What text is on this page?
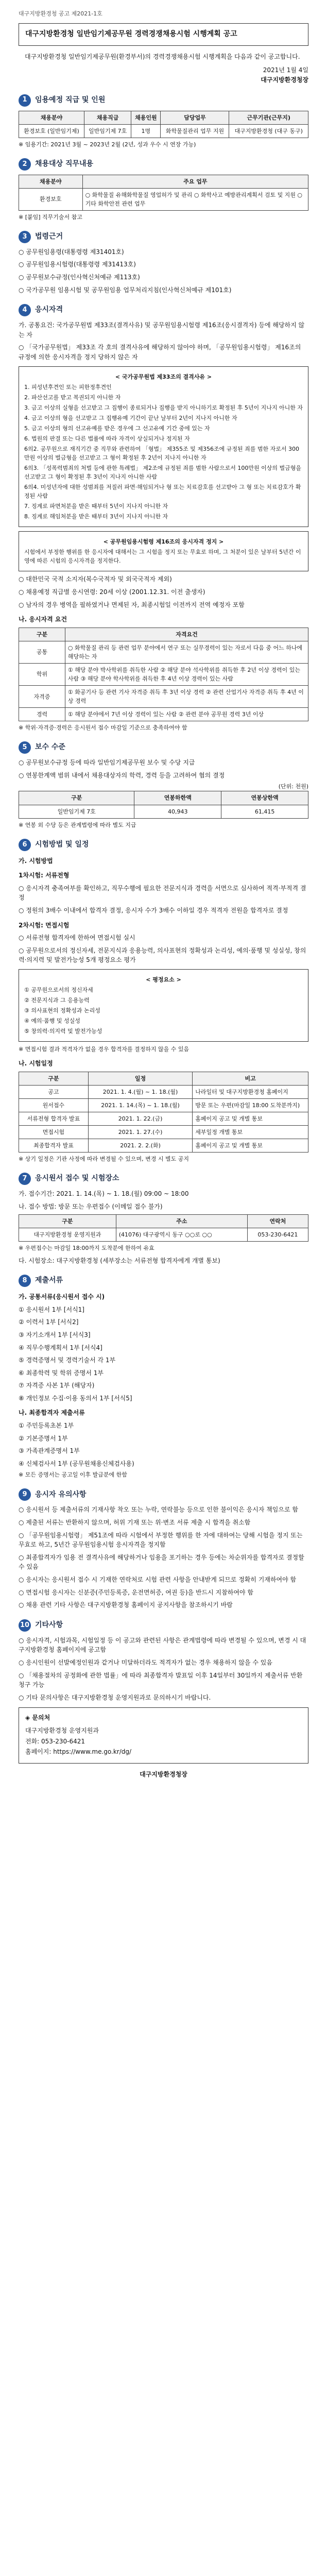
대구지방환경청 공고 제2021-1호
대구지방환경청 일반임기제공무원 경력경쟁채용시험 시행계획 공고
대구지방환경청 일반임기제공무원(환경부서)의 경력경쟁채용시험 시행계획을 다음과 같이 공고합니다.
2021년 1월 4일
대구지방환경청장
1	임용예정 직급 및 인원
채용분야	채용직급	채용인원	담당업무	근무기관(근무지)
환경보호 (일반임기제)	일반임기제 7호	1명	화학물질관리 업무 지원	대구지방환경청 (대구 동구)

※ 임용기간: 2021년 3월 ~ 2023년 2월 (2년, 성과 우수 시 연장 가능)

2	채용대상 직무내용
채용분야	주요 업무
환경보호	○ 화학물질 유해화학물질 영업허가 및 관리 ○ 화학사고 예방관리계획서 검토 및 지원 ○ 기타 화학안전 관련 업무

※ [붙임] 직무기술서 참고

3	법령근거
○ 공무원임용령(대통령령 제31401호)
○ 공무원임용시험령(대통령령 제31413호)
○ 공무원보수규정(인사혁신처예규 제113호)
○ 국가공무원 임용시험 및 공무원임용 업무처리지침(인사혁신처예규 제101호)
4	응시자격
가. 공통요건: 국가공무원법 제33조(결격사유) 및 공무원임용시험령 제16조(응시결격자) 등에 해당하지 않는 자
○ 「국가공무원법」 제33조 각 호의 결격사유에 해당하지 않아야 하며, 「공무원임용시험령」 제16조의 규정에 의한 응시자격을 정지 당하지 않은 자

< 국가공무원법 제33조의 결격사유 >

1. 피성년후견인 또는 피한정후견인

2. 파산선고를 받고 복권되지 아니한 자

3. 금고 이상의 실형을 선고받고 그 집행이 종료되거나 집행을 받지 아니하기로 확정된 후 5년이 지나지 아니한 자

4. 금고 이상의 형을 선고받고 그 집행유예 기간이 끝난 날부터 2년이 지나지 아니한 자

5. 금고 이상의 형의 선고유예를 받은 경우에 그 선고유예 기간 중에 있는 자

6. 법원의 판결 또는 다른 법률에 따라 자격이 상실되거나 정지된 자

6의2. 공무원으로 재직기간 중 직무와 관련하여 「형법」 제355조 및 제356조에 규정된 죄를 범한 자로서 300만원 이상의 벌금형을 선고받고 그 형이 확정된 후 2년이 지나지 아니한 자

6의3. 「성폭력범죄의 처벌 등에 관한 특례법」 제2조에 규정된 죄를 범한 사람으로서 100만원 이상의 벌금형을 선고받고 그 형이 확정된 후 3년이 지나지 아니한 사람

6의4. 미성년자에 대한 성범죄를 저질러 파면·해임되거나 형 또는 치료감호를 선고받아 그 형 또는 치료감호가 확정된 사람

7. 징계로 파면처분을 받은 때부터 5년이 지나지 아니한 자

8. 징계로 해임처분을 받은 때부터 3년이 지나지 아니한 자

< 공무원임용시험령 제16조의 응시자격 정지 >

시험에서 부정한 행위를 한 응시자에 대해서는 그 시험을 정지 또는 무효로 하며, 그 처분이 있은 날부터 5년간 이 영에 따른 시험의 응시자격을 정지한다.

○ 대한민국 국적 소지자(복수국적자 및 외국국적자 제외)
○ 채용예정 직급별 응시연령: 20세 이상 (2001.12.31. 이전 출생자)
○ 남자의 경우 병역을 필하였거나 면제된 자, 최종시험일 이전까지 전역 예정자 포함
나. 응시자격 요건
구분	자격요건
공통	○ 화학물질 관리 등 관련 업무 분야에서 연구 또는 실무경력이 있는 자로서 다음 중 어느 하나에 해당하는 자
학위	① 해당 분야 박사학위를 취득한 사람 ② 해당 분야 석사학위를 취득한 후 2년 이상 경력이 있는 사람 ③ 해당 분야 학사학위를 취득한 후 4년 이상 경력이 있는 사람
자격증	① 화공기사 등 관련 기사 자격증 취득 후 3년 이상 경력 ② 관련 산업기사 자격증 취득 후 4년 이상 경력
경력	① 해당 분야에서 7년 이상 경력이 있는 사람 ② 관련 분야 공무원 경력 3년 이상

※ 학위·자격증·경력은 응시원서 접수 마감일 기준으로 충족하여야 함

5	보수 수준
○ 공무원보수규정 등에 따라 일반임기제공무원 보수 및 수당 지급
○ 연봉한계액 범위 내에서 채용대상자의 학력, 경력 등을 고려하여 협의 결정
(단위: 천원)
구분	연봉하한액	연봉상한액
일반임기제 7호	40,943	61,415

※ 연봉 외 수당 등은 관계법령에 따라 별도 지급

6	시험방법 및 일정
가. 시험방법
1차시험: 서류전형
○ 응시자격 충족여부를 확인하고, 직무수행에 필요한 전문지식과 경력을 서면으로 심사하여 적격·부적격 결정
○ 정원의 3배수 이내에서 합격자 결정, 응시자 수가 3배수 이하일 경우 적격자 전원을 합격자로 결정
2차시험: 면접시험
○ 서류전형 합격자에 한하여 면접시험 실시
○ 공무원으로서의 정신자세, 전문지식과 응용능력, 의사표현의 정확성과 논리성, 예의·품행 및 성실성, 창의력·의지력 및 발전가능성 5개 평정요소 평가

< 평정요소 >

① 공무원으로서의 정신자세

② 전문지식과 그 응용능력

③ 의사표현의 정확성과 논리성

④ 예의·품행 및 성실성

⑤ 창의력·의지력 및 발전가능성

※ 면접시험 결과 적격자가 없을 경우 합격자를 결정하지 않을 수 있음
나. 시험일정
구분	일정	비고
공고	2021. 1. 4.(월) ~ 1. 18.(월)	나라일터 및 대구지방환경청 홈페이지
원서접수	2021. 1. 14.(목) ~ 1. 18.(월)	방문 또는 우편(마감일 18:00 도착분까지)
서류전형 합격자 발표	2021. 1. 22.(금)	홈페이지 공고 및 개별 통보
면접시험	2021. 1. 27.(수)	세부일정 개별 통보
최종합격자 발표	2021. 2. 2.(화)	홈페이지 공고 및 개별 통보

※ 상기 일정은 기관 사정에 따라 변경될 수 있으며, 변경 시 별도 공지

7	응시원서 접수 및 시험장소
가. 접수기간: 2021. 1. 14.(목) ~ 1. 18.(월) 09:00 ~ 18:00
나. 접수 방법: 방문 또는 우편접수 (이메일 접수 불가)
구분	주소	연락처
대구지방환경청 운영지원과	(41076) 대구광역시 동구 ○○로 ○○	053-230-6421

※ 우편접수는 마감일 18:00까지 도착분에 한하여 유효

다. 시험장소: 대구지방환경청 (세부장소는 서류전형 합격자에게 개별 통보)
8	제출서류
가. 공통서류(응시원서 접수 시)
① 응시원서 1부 [서식1]
② 이력서 1부 [서식2]
③ 자기소개서 1부 [서식3]
④ 직무수행계획서 1부 [서식4]
⑤ 경력증명서 및 경력기술서 각 1부
⑥ 최종학력 및 학위 증명서 1부
⑦ 자격증 사본 1부 (해당자)
⑧ 개인정보 수집·이용 동의서 1부 [서식5]
나. 최종합격자 제출서류
① 주민등록초본 1부
② 기본증명서 1부
③ 가족관계증명서 1부
④ 신체검사서 1부 (공무원채용신체검사용)

※ 모든 증명서는 공고일 이후 발급분에 한함

9	응시자 유의사항
○ 응시원서 등 제출서류의 기재사항 착오 또는 누락, 연락불능 등으로 인한 불이익은 응시자 책임으로 함
○ 제출된 서류는 반환하지 않으며, 허위 기재 또는 위·변조 서류 제출 시 합격을 취소함
○ 「공무원임용시험령」 제51조에 따라 시험에서 부정한 행위를 한 자에 대하여는 당해 시험을 정지 또는 무효로 하고, 5년간 공무원임용시험 응시자격을 정지함
○ 최종합격자가 임용 전 결격사유에 해당하거나 임용을 포기하는 경우 등에는 차순위자를 합격자로 결정할 수 있음
○ 응시자는 응시원서 접수 시 기재한 연락처로 시험 관련 사항을 안내받게 되므로 정확히 기재하여야 함
○ 면접시험 응시자는 신분증(주민등록증, 운전면허증, 여권 등)을 반드시 지참하여야 함
○ 채용 관련 기타 사항은 대구지방환경청 홈페이지 공지사항을 참조하시기 바람
10 기타사항
○ 응시자격, 시험과목, 시험일정 등 이 공고와 관련된 사항은 관계법령에 따라 변경될 수 있으며, 변경 시 대구지방환경청 홈페이지에 공고함
○ 응시인원이 선발예정인원과 같거나 미달하더라도 적격자가 없는 경우 채용하지 않을 수 있음
○ 「채용절차의 공정화에 관한 법률」에 따라 최종합격자 발표일 이후 14일부터 30일까지 제출서류 반환 청구 가능
○ 기타 문의사항은 대구지방환경청 운영지원과로 문의하시기 바랍니다.
◈ 문의처
대구지방환경청 운영지원과
전화: 053-230-6421
홈페이지: https://www.me.go.kr/dg/
대구지방환경청장
